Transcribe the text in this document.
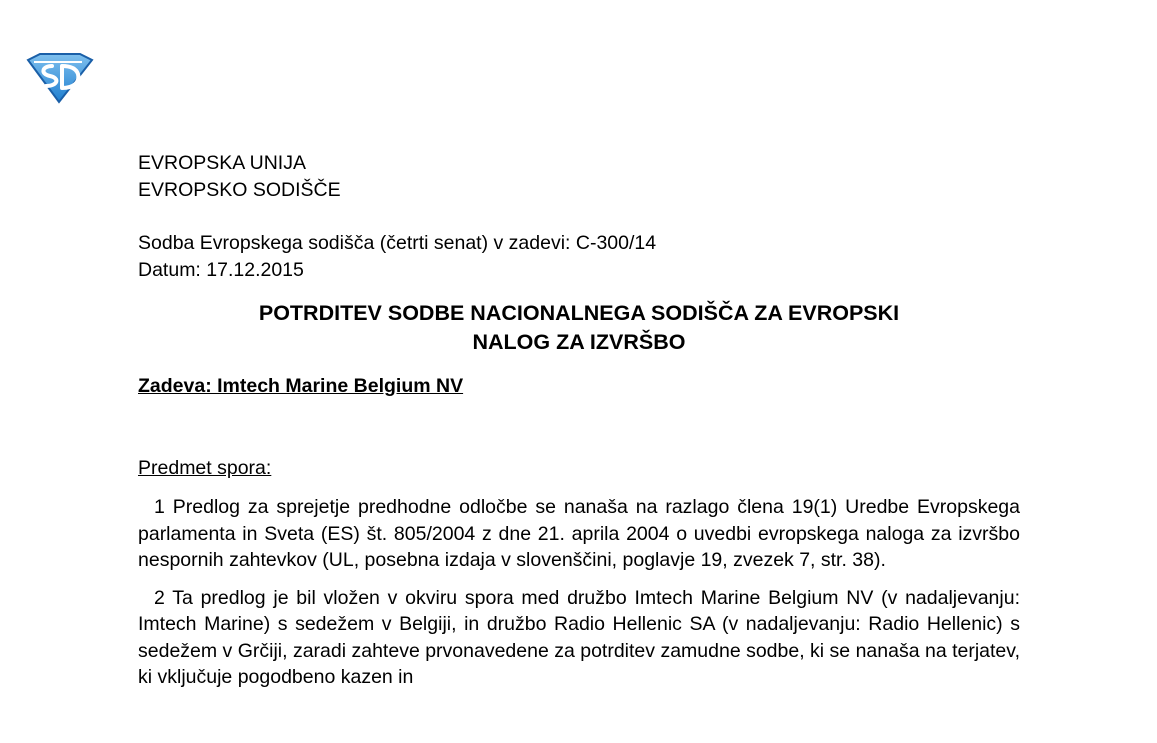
EVROPSKA UNIJA
EVROPSKO SODIŠČE
Sodba Evropskega sodišča (četrti senat) v zadevi: C-300/14
Datum: 17.12.2015
POTRDITEV SODBE NACIONALNEGA SODIŠČA ZA EVROPSKI
NALOG ZA IZVRŠBO
Zadeva: Imtech Marine Belgium NV
Predmet spora:
1 Predlog za sprejetje predhodne odločbe se nanaša na razlago člena 19(1) Uredbe Evropskega parlamenta in Sveta (ES) št. 805/2004 z dne 21. aprila 2004 o uvedbi evropskega naloga za izvršbo nespornih zahtevkov (UL, posebna izdaja v slovenščini, poglavje 19, zvezek 7, str. 38).
2 Ta predlog je bil vložen v okviru spora med družbo Imtech Marine Belgium NV (v nadaljevanju: Imtech Marine) s sedežem v Belgiji, in družbo Radio Hellenic SA (v nadaljevanju: Radio Hellenic) s sedežem v Grčiji, zaradi zahteve prvonavedene za potrditev zamudne sodbe, ki se nanaša na terjatev, ki vključuje pogodbeno kazen in
